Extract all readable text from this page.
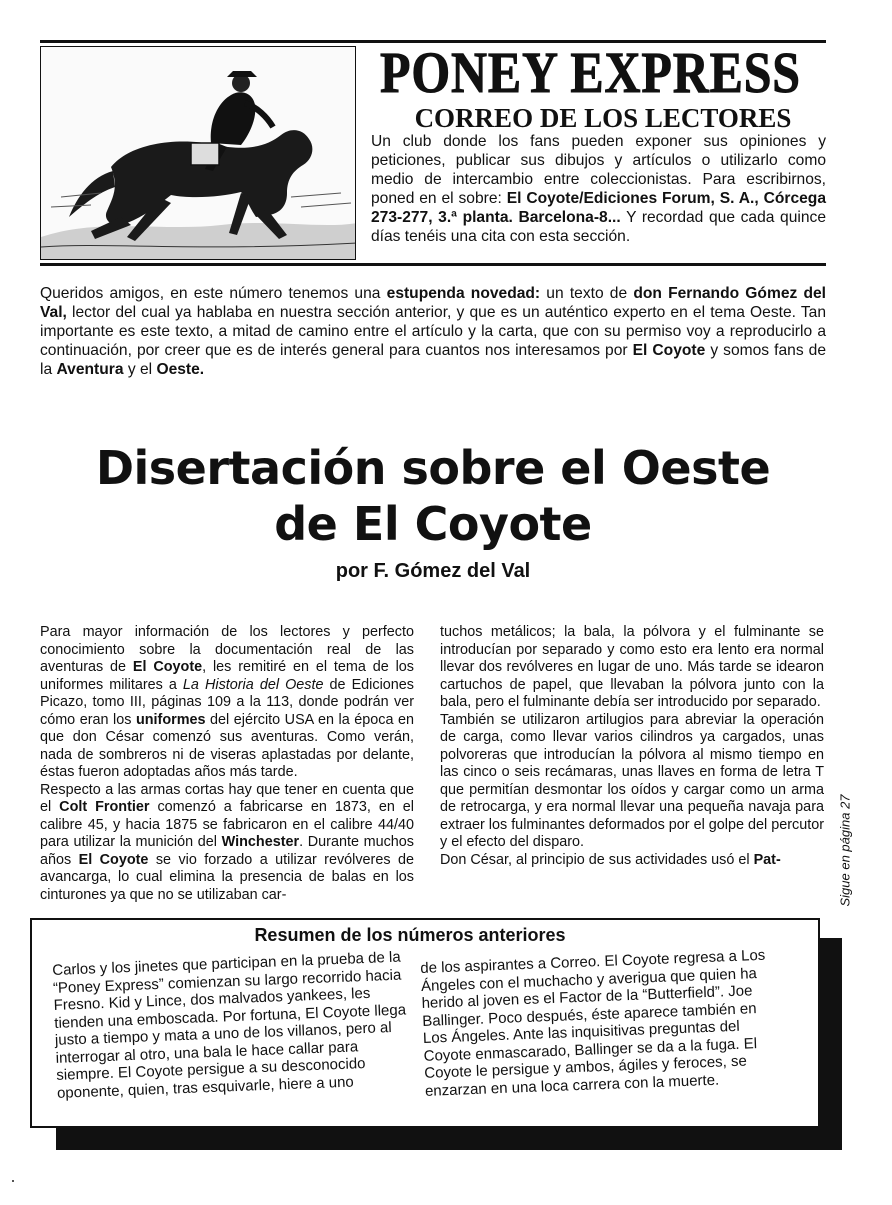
PONEY EXPRESS
CORREO DE LOS LECTORES
Un club donde los fans pueden exponer sus opiniones y peticiones, publicar sus dibujos y artículos o utilizarlo como medio de intercambio entre coleccionistas. Para escribirnos, poned en el sobre: El Coyote/Ediciones Forum, S. A., Córcega 273-277, 3.ª planta. Barcelona-8... Y recordad que cada quince días tenéis una cita con esta sección.
Queridos amigos, en este número tenemos una estupenda novedad: un texto de don Fernando Gómez del Val, lector del cual ya hablaba en nuestra sección anterior, y que es un auténtico experto en el tema Oeste. Tan importante es este texto, a mitad de camino entre el artículo y la carta, que con su permiso voy a reproducirlo a continuación, por creer que es de interés general para cuantos nos interesamos por El Coyote y somos fans de la Aventura y el Oeste.
Disertación sobre el Oeste
de El Coyote
por F. Gómez del Val
Para mayor información de los lectores y perfecto conocimiento sobre la documentación real de las aventuras de El Coyote, les remitiré en el tema de los uniformes militares a La Historia del Oeste de Ediciones Picazo, tomo III, páginas 109 a la 113, donde podrán ver cómo eran los uniformes del ejército USA en la época en que don César comenzó sus aventuras. Como verán, nada de sombreros ni de viseras aplastadas por delante, éstas fueron adoptadas años más tarde.
Respecto a las armas cortas hay que tener en cuenta que el Colt Frontier comenzó a fabricarse en 1873, en el calibre 45, y hacia 1875 se fabricaron en el calibre 44/40 para utilizar la munición del Winchester. Durante muchos años El Coyote se vio forzado a utilizar revólveres de avancarga, lo cual elimina la presencia de balas en los cinturones ya que no se utilizaban car-
tuchos metálicos; la bala, la pólvora y el fulminante se introducían por separado y como esto era lento era normal llevar dos revólveres en lugar de uno. Más tarde se idearon cartuchos de papel, que llevaban la pólvora junto con la bala, pero el fulminante debía ser introducido por separado.
También se utilizaron artilugios para abreviar la operación de carga, como llevar varios cilindros ya cargados, unas polvoreras que introducían la pólvora al mismo tiempo en las cinco o seis recámaras, unas llaves en forma de letra T que permitían desmontar los oídos y cargar como un arma de retrocarga, y era normal llevar una pequeña navaja para extraer los fulminantes deformados por el golpe del percutor y el efecto del disparo.
Don César, al principio de sus actividades usó el Pat-	Sigue en página 27
Resumen de los números anteriores
Carlos y los jinetes que participan en la prueba de la “Poney Express” comienzan su largo recorrido hacia Fresno. Kid y Lince, dos malvados yankees, les tienden una emboscada. Por fortuna, El Coyote llega justo a tiempo y mata a uno de los villanos, pero al interrogar al otro, una bala le hace callar para siempre. El Coyote persigue a su desconocido oponente, quien, tras esquivarle, hiere a uno
de los aspirantes a Correo. El Coyote regresa a Los Ángeles con el muchacho y averigua que quien ha herido al joven es el Factor de la “Butterfield”. Joe Ballinger. Poco después, éste aparece también en Los Ángeles. Ante las inquisitivas preguntas del Coyote enmascarado, Ballinger se da a la fuga. El Coyote le persigue y ambos, ágiles y feroces, se enzarzan en una loca carrera con la muerte.
